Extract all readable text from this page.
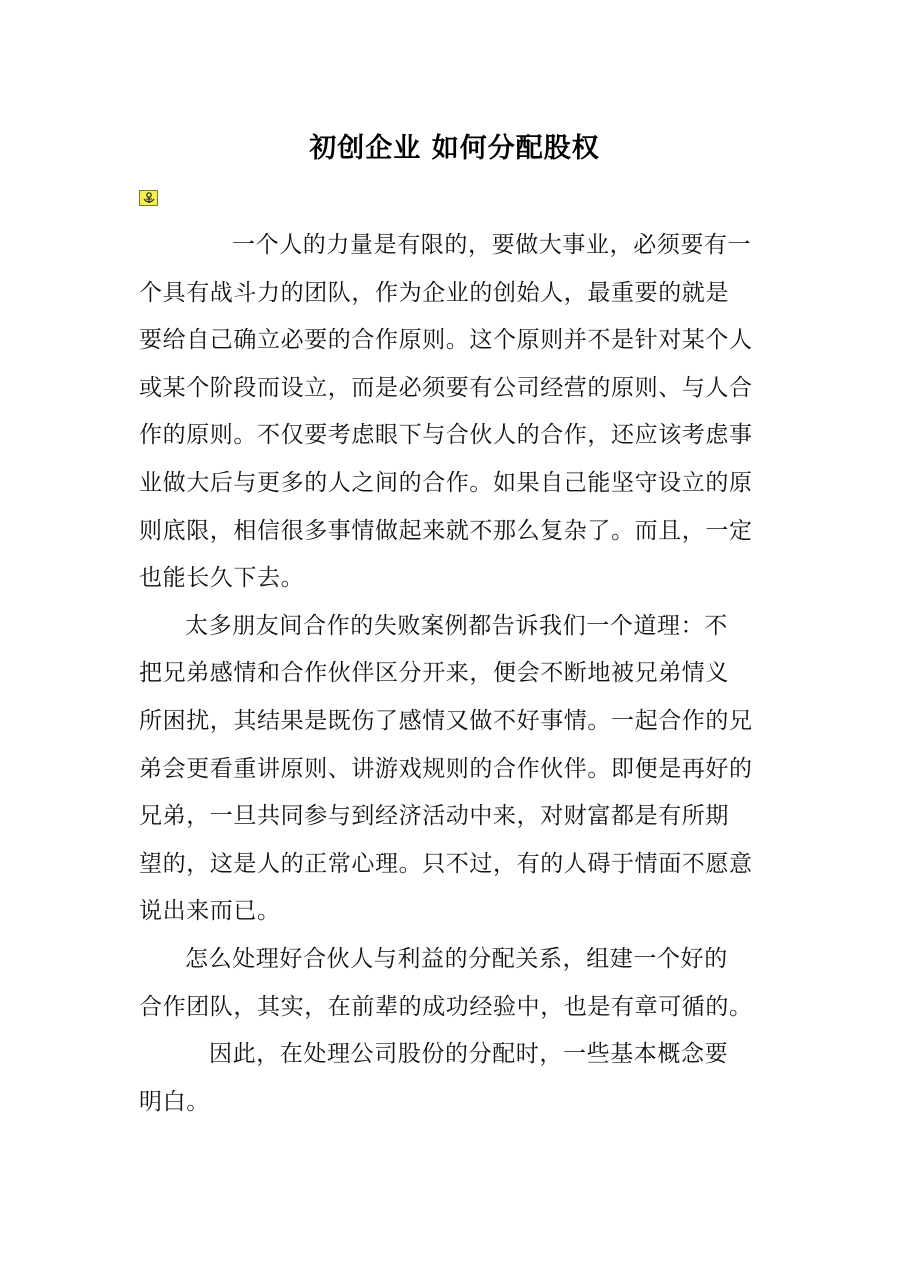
初创企业 如何分配股权
一个人的力量是有限的，要做大事业，必须要有一
个具有战斗力的团队，作为企业的创始人，最重要的就是
要给自己确立必要的合作原则。这个原则并不是针对某个人
或某个阶段而设立，而是必须要有公司经营的原则、与人合
作的原则。不仅要考虑眼下与合伙人的合作，还应该考虑事
业做大后与更多的人之间的合作。如果自己能坚守设立的原
则底限，相信很多事情做起来就不那么复杂了。而且，一定
也能长久下去。
太多朋友间合作的失败案例都告诉我们一个道理：不
把兄弟感情和合作伙伴区分开来，便会不断地被兄弟情义
所困扰，其结果是既伤了感情又做不好事情。一起合作的兄
弟会更看重讲原则、讲游戏规则的合作伙伴。即便是再好的
兄弟，一旦共同参与到经济活动中来，对财富都是有所期
望的，这是人的正常心理。只不过，有的人碍于情面不愿意
说出来而已。
怎么处理好合伙人与利益的分配关系，组建一个好的
合作团队，其实，在前辈的成功经验中，也是有章可循的。
因此，在处理公司股份的分配时，一些基本概念要
明白。
